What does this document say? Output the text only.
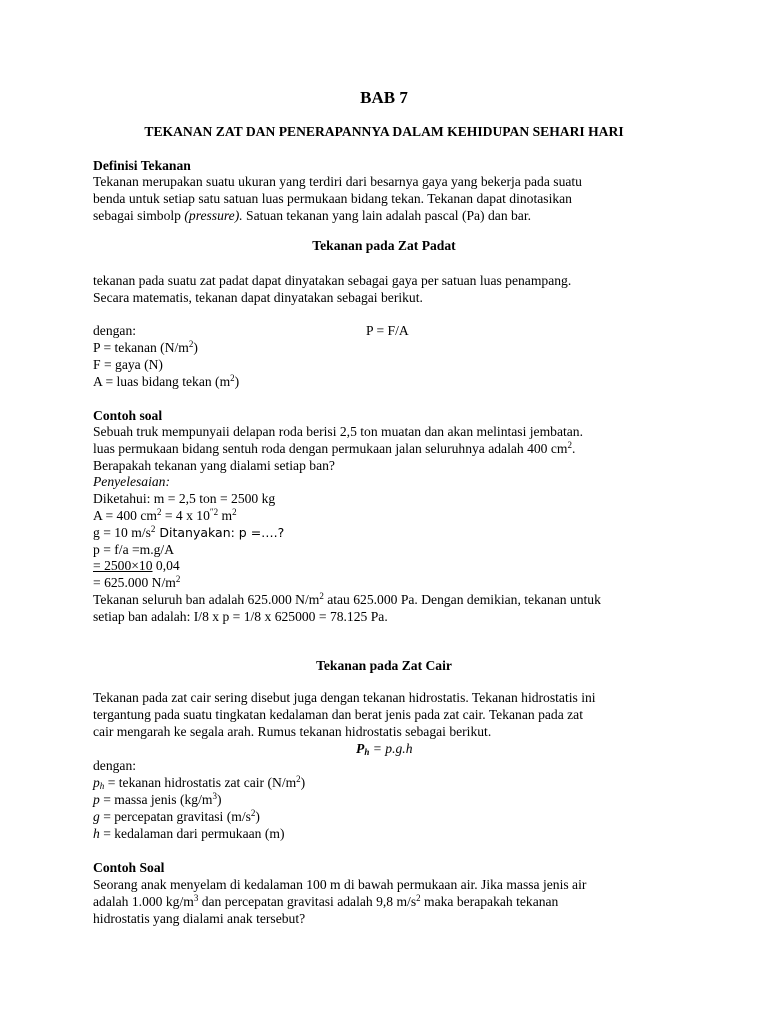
BAB 7
TEKANAN ZAT DAN PENERAPANNYA DALAM KEHIDUPAN SEHARI HARI
Definisi Tekanan
Tekanan merupakan suatu ukuran yang terdiri dari besarnya gaya yang bekerja pada suatu
benda untuk setiap satu satuan luas permukaan bidang tekan. Tekanan dapat dinotasikan
sebagai simbolp (pressure). Satuan tekanan yang lain adalah pascal (Pa) dan bar.
Tekanan pada Zat Padat
tekanan pada suatu zat padat dapat dinyatakan sebagai gaya per satuan luas penampang.
Secara matematis, tekanan dapat dinyatakan sebagai berikut.
dengan:	P = F/A
P = tekanan $(N/m^2)$
F = gaya (N)
A = luas bidang tekan $(m^2)$
Contoh soal
Sebuah truk mempunyaii delapan roda berisi 2,5 ton muatan dan akan melintasi jembatan.
luas permukaan bidang sentuh roda dengan permukaan jalan seluruhnya adalah 400 $cm^2$.
Berapakah tekanan yang dialami setiap ban?
Penyelesaian:
Diketahui: m = 2,5 ton = 2500 kg
A = 400 $cm^2 = 4$ x $10^{''2}$ $m^2$
g = 10 $m/s^2$ Ditanyakan: p =….?
p = f/a =m.g/A
= 2500×10 0,04
= 625.000 $N/m^2$
Tekanan seluruh ban adalah 625.000 $N/m^2$ atau 625.000 Pa. Dengan demikian, tekanan untuk
setiap ban adalah: I/8 x p = 1/8 x 625000 = 78.125 Pa.
Tekanan pada Zat Cair
Tekanan pada zat cair sering disebut juga dengan tekanan hidrostatis. Tekanan hidrostatis ini
tergantung pada suatu tingkatan kedalaman dan berat jenis pada zat cair. Tekanan pada zat
cair mengarah ke segala arah. Rumus tekanan hidrostatis sebagai berikut.
$P_h = p.g.h$
dengan:
$p_h$ = tekanan hidrostatis zat cair $(N/m^2)$
p = massa jenis $(kg/m^3)$
g = percepatan gravitasi $(m/s^2)$
h = kedalaman dari permukaan (m)
Contoh Soal
Seorang anak menyelam di kedalaman 100 m di bawah permukaan air. Jika massa jenis air
adalah 1.000 $kg/m^3$ dan percepatan gravitasi adalah 9,8 $m/s^2$ maka berapakah tekanan
hidrostatis yang dialami anak tersebut?
